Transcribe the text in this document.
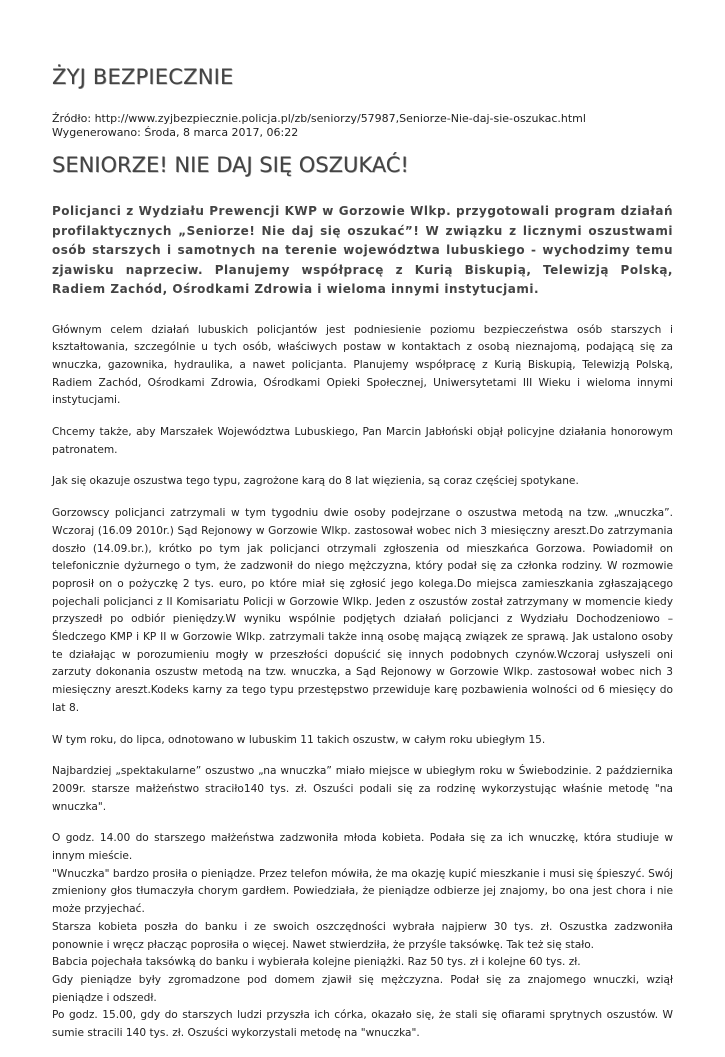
ŻYJ BEZPIECZNIE
Źródło: http://www.zyjbezpiecznie.policja.pl/zb/seniorzy/57987,Seniorze-Nie-daj-sie-oszukac.html
Wygenerowano: Środa, 8 marca 2017, 06:22
SENIORZE! NIE DAJ SIĘ OSZUKAĆ!
Policjanci z Wydziału Prewencji KWP w Gorzowie Wlkp. przygotowali program działań profilaktycznych „Seniorze! Nie daj się oszukać”! W związku z licznymi oszustwami osób starszych i samotnych na terenie województwa lubuskiego - wychodzimy temu zjawisku naprzeciw. Planujemy współpracę z Kurią Biskupią, Telewizją Polską, Radiem Zachód, Ośrodkami Zdrowia i wieloma innymi instytucjami.

Głównym celem działań lubuskich policjantów jest podniesienie poziomu bezpieczeństwa osób starszych i kształtowania, szczególnie u tych osób, właściwych postaw w kontaktach z osobą nieznajomą, podającą się za wnuczka, gazownika, hydraulika, a nawet policjanta. Planujemy współpracę z Kurią Biskupią, Telewizją Polską, Radiem Zachód, Ośrodkami Zdrowia, Ośrodkami Opieki Społecznej, Uniwersytetami III Wieku i wieloma innymi instytucjami.

Chcemy także, aby Marszałek Województwa Lubuskiego, Pan Marcin Jabłoński objął policyjne działania honorowym patronatem.

Jak się okazuje oszustwa tego typu, zagrożone karą do 8 lat więzienia, są coraz częściej spotykane.

Gorzowscy policjanci zatrzymali w tym tygodniu dwie osoby podejrzane o oszustwa metodą na tzw. „wnuczka”. Wczoraj (16.09 2010r.) Sąd Rejonowy w Gorzowie Wlkp. zastosował wobec nich 3 miesięczny areszt.Do zatrzymania doszło (14.09.br.), krótko po tym jak policjanci otrzymali zgłoszenia od mieszkańca Gorzowa. Powiadomił on telefonicznie dyżurnego o tym, że zadzwonił do niego mężczyzna, który podał się za członka rodziny. W rozmowie poprosił on o pożyczkę 2 tys. euro, po które miał się zgłosić jego kolega.Do miejsca zamieszkania zgłaszającego pojechali policjanci z II Komisariatu Policji w Gorzowie Wlkp. Jeden z oszustów został zatrzymany w momencie kiedy przyszedł po odbiór pieniędzy.W wyniku wspólnie podjętych działań policjanci z Wydziału Dochodzeniowo – Śledczego KMP i KP II w Gorzowie Wlkp. zatrzymali także inną osobę mającą związek ze sprawą. Jak ustalono osoby te działając w porozumieniu mogły w przeszłości dopuścić się innych podobnych czynów.Wczoraj usłyszeli oni zarzuty dokonania oszustw metodą na tzw. wnuczka, a Sąd Rejonowy w Gorzowie Wlkp. zastosował wobec nich 3 miesięczny areszt.Kodeks karny za tego typu przestępstwo przewiduje karę pozbawienia wolności od 6 miesięcy do lat 8.

W tym roku, do lipca, odnotowano w lubuskim 11 takich oszustw, w całym roku ubiegłym 15.

Najbardziej „spektakularne” oszustwo „na wnuczka” miało miejsce w ubiegłym roku w Świebodzinie. 2 października 2009r. starsze małżeństwo straciło140 tys. zł. Oszuści podali się za rodzinę wykorzystując właśnie metodę "na wnuczka".

O godz. 14.00 do starszego małżeństwa zadzwoniła młoda kobieta. Podała się za ich wnuczkę, która studiuje w innym mieście.
"Wnuczka" bardzo prosiła o pieniądze. Przez telefon mówiła, że ma okazję kupić mieszkanie i musi się śpieszyć. Swój zmieniony głos tłumaczyła chorym gardłem. Powiedziała, że pieniądze odbierze jej znajomy, bo ona jest chora i nie może przyjechać.
Starsza kobieta poszła do banku i ze swoich oszczędności wybrała najpierw 30 tys. zł. Oszustka zadzwoniła ponownie i wręcz płacząc poprosiła o więcej. Nawet stwierdziła, że przyśle taksówkę. Tak też się stało.
Babcia pojechała taksówką do banku i wybierała kolejne pieniążki. Raz 50 tys. zł i kolejne 60 tys. zł.
Gdy pieniądze były zgromadzone pod domem zjawił się mężczyzna. Podał się za znajomego wnuczki, wziął pieniądze i odszedł.
Po godz. 15.00, gdy do starszych ludzi przyszła ich córka, okazało się, że stali się ofiarami sprytnych oszustów. W sumie stracili 140 tys. zł. Oszuści wykorzystali metodę na "wnuczka".
